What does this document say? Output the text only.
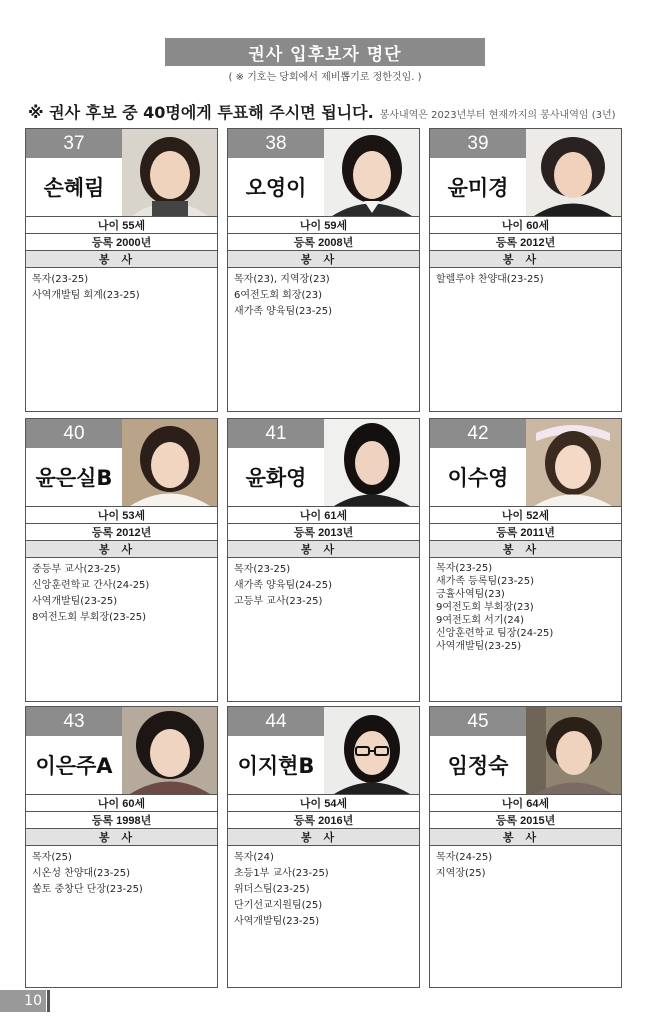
권사 입후보자 명단
( ※ 기호는 당회에서 제비뽑기로 정한것임. )
※ 권사 후보 중 40명에게 투표해 주시면 됩니다. 봉사내역은 2023년부터 현재까지의 봉사내역임 (3년)
37
손혜림
나이 55세
등록 2000년
봉사
목자(23-25)
사역개발팀 회계(23-25)
38
오영이
나이 59세
등록 2008년
봉사
목자(23), 지역장(23)
6여전도회 회장(23)
새가족 양육팀(23-25)
39
윤미경
나이 60세
등록 2012년
봉사
할렐루야 찬양대(23-25)
40
윤은실B
나이 53세
등록 2012년
봉사
중등부 교사(23-25)
신앙훈련학교 간사(24-25)
사역개발팀(23-25)
8여전도회 부회장(23-25)
41
윤화영
나이 61세
등록 2013년
봉사
목자(23-25)
새가족 양육팀(24-25)
고등부 교사(23-25)
42
이수영
나이 52세
등록 2011년
봉사
목자(23-25)
새가족 등록팀(23-25)
긍휼사역팀(23)
9여전도회 부회장(23)
9여전도회 서기(24)
신앙훈련학교 팀장(24-25)
사역개발팀(23-25)
43
이은주A
나이 60세
등록 1998년
봉사
목자(25)
시온성 찬양대(23-25)
쏠토 중창단 단장(23-25)
44
이지현B
나이 54세
등록 2016년
봉사
목자(24)
초등1부 교사(23-25)
위더스팀(23-25)
단기선교지원팀(25)
사역개발팀(23-25)
45
임정숙
나이 64세
등록 2015년
봉사
목자(24-25)
지역장(25)
10
